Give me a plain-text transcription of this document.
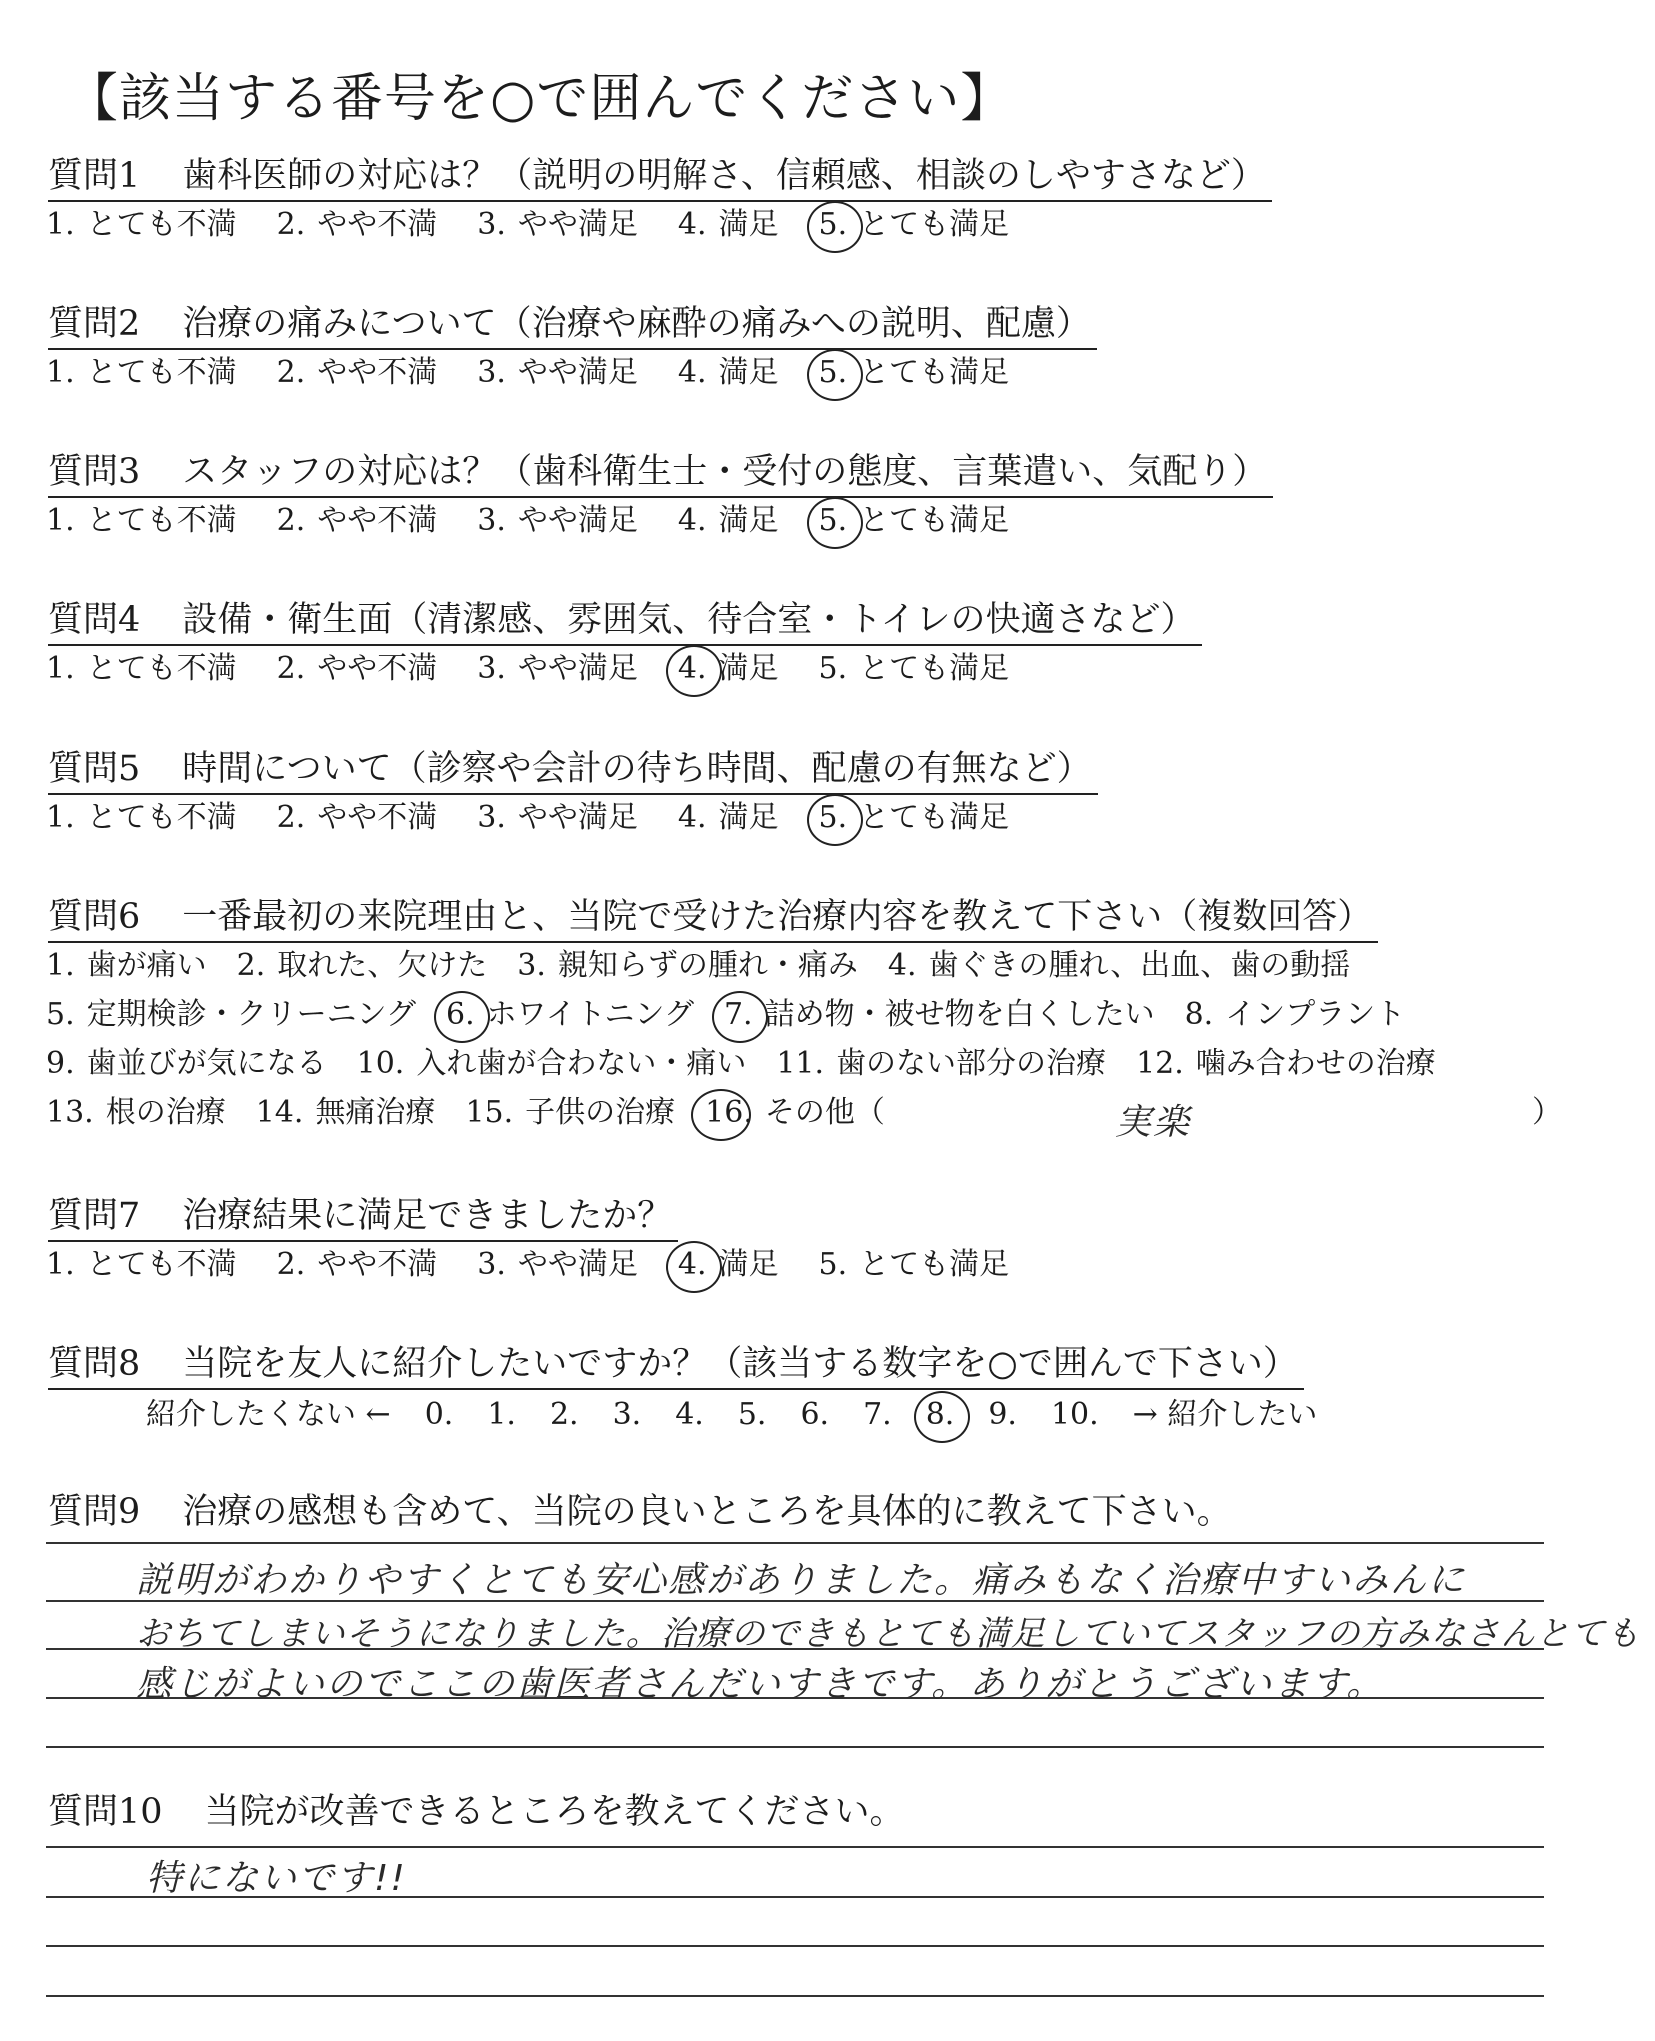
【該当する番号を○で囲んでください】
質問1 歯科医師の対応は？（説明の明解さ、信頼感、相談のしやすさなど）
1. とても不満 2. やや不満 3. やや満足 4. 満足 5. とても満足
質問2 治療の痛みについて（治療や麻酔の痛みへの説明、配慮）
1. とても不満 2. やや不満 3. やや満足 4. 満足 5. とても満足
質問3 スタッフの対応は？（歯科衛生士・受付の態度、言葉遣い、気配り）
1. とても不満 2. やや不満 3. やや満足 4. 満足 5. とても満足
質問4 設備・衛生面（清潔感、雰囲気、待合室・トイレの快適さなど）
1. とても不満 2. やや不満 3. やや満足 4. 満足 5. とても満足
質問5 時間について（診察や会計の待ち時間、配慮の有無など）
1. とても不満 2. やや不満 3. やや満足 4. 満足 5. とても満足
質問6 一番最初の来院理由と、当院で受けた治療内容を教えて下さい（複数回答）
1. 歯が痛い 2. 取れた、欠けた 3. 親知らずの腫れ・痛み 4. 歯ぐきの腫れ、出血、歯の動揺
5. 定期検診・クリーニング 6. ホワイトニング 7. 詰め物・被せ物を白くしたい 8. インプラント
9. 歯並びが気になる 10. 入れ歯が合わない・痛い 11. 歯のない部分の治療 12. 噛み合わせの治療
13. 根の治療 14. 無痛治療 15. 子供の治療 16. その他（	実楽	）
質問7 治療結果に満足できましたか？
1. とても不満 2. やや不満 3. やや満足 4. 満足 5. とても満足
質問8 当院を友人に紹介したいですか？（該当する数字を○で囲んで下さい）
紹介したくない ← 0. 1. 2. 3. 4. 5. 6. 7. 8. 9. 10. → 紹介したい
質問9 治療の感想も含めて、当院の良いところを具体的に教えて下さい。
説明がわかりやすくとても安心感がありました。痛みもなく治療中すいみんに
おちてしまいそうになりました。治療のできもとても満足していてスタッフの方みなさんとても
感じがよいのでここの歯医者さんだいすきです。ありがとうございます。
質問10 当院が改善できるところを教えてください。
特にないです!!
